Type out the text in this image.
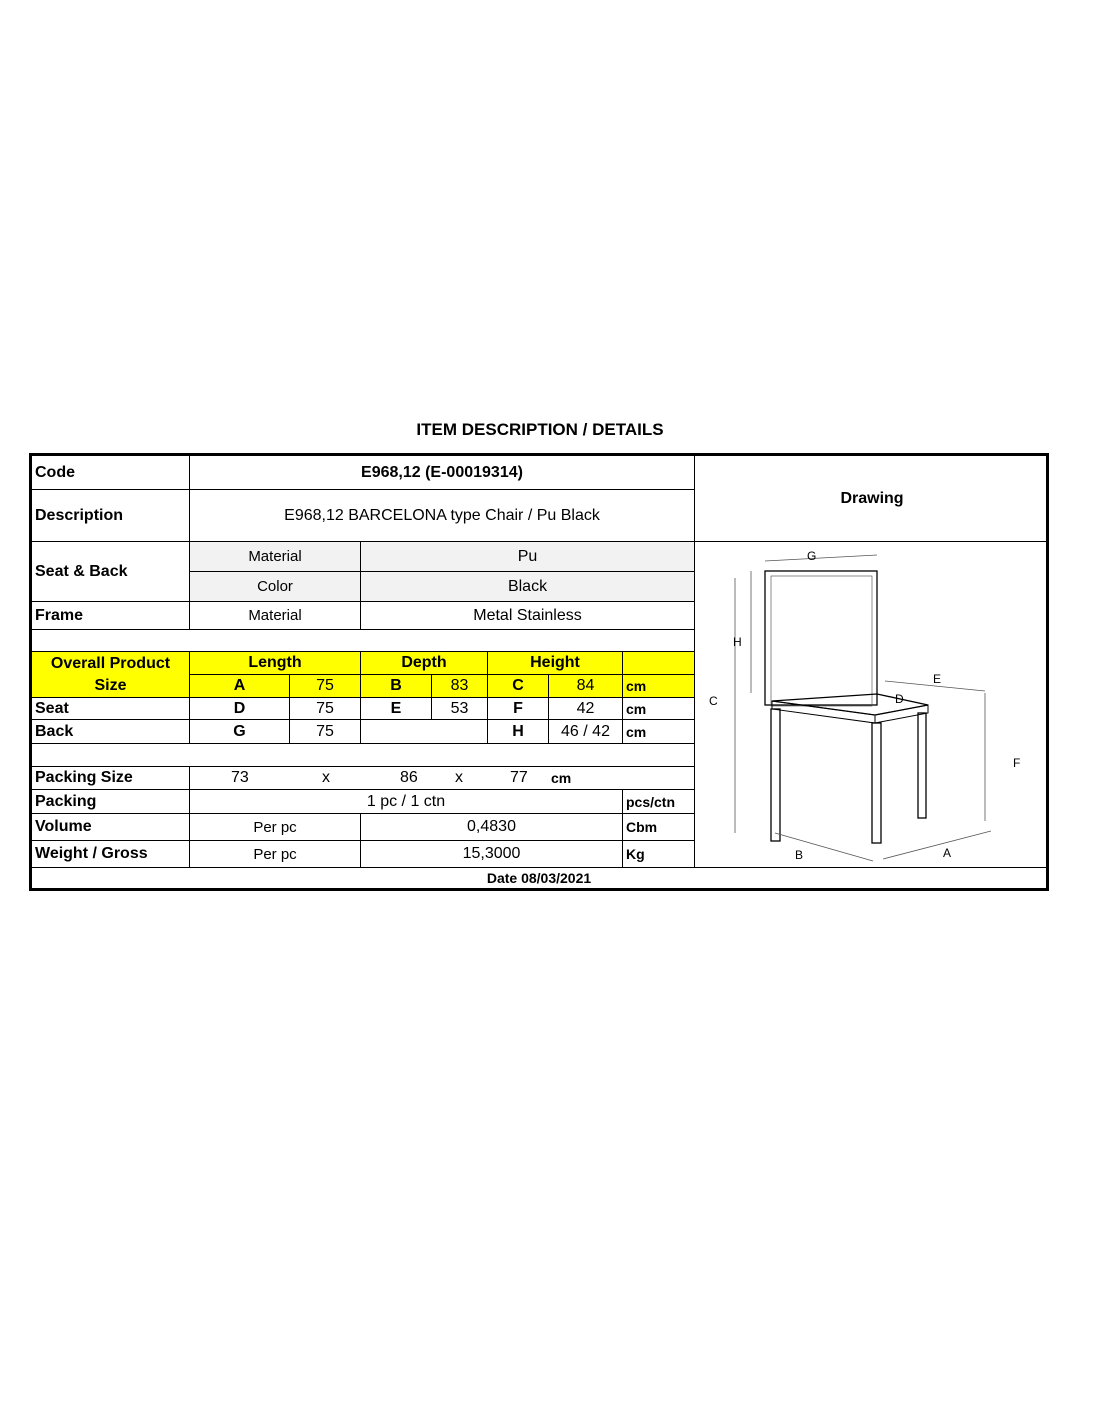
ITEM DESCRIPTION / DETAILS
Code	E968,12 (E-00019314)
Description	E968,12 BARCELONA type Chair / Pu Black
Drawing
Seat & Back
Material	Pu
Color	Black
Frame	Material	Metal Stainless
Overall Product
Size
Length	Depth	Height
A	75	B	83	C	84	cm
Seat	D	75	E	53	F	42	cm
Back	G	75	H	46 / 42	cm
Packing Size	73	x	86 x	77 cm
Packing	1 pc / 1 ctn	pcs/ctn
Volume	Per pc	0,4830	Cbm
Weight / Gross	Per pc	15,3000	Kg
Date 08/03/2021
G
H
C
E
D
F
B	A
